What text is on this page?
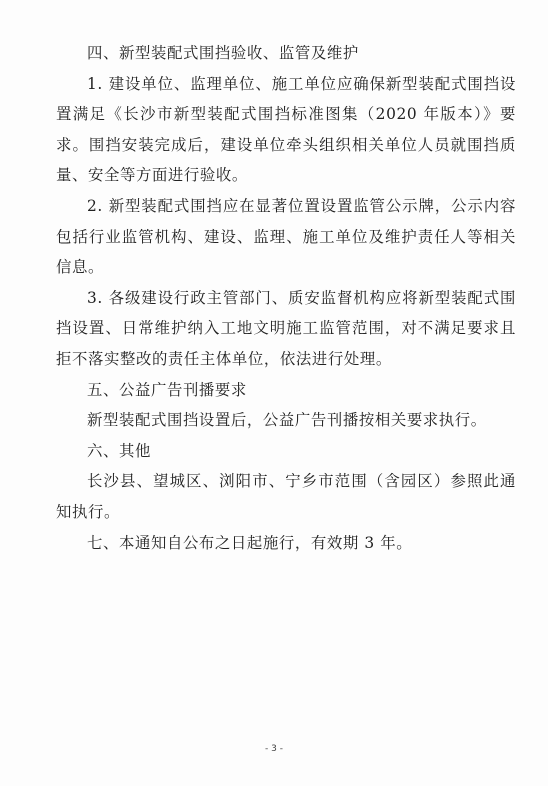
四、新型装配式围挡验收、监管及维护
1. 建设单位、监理单位、施工单位应确保新型装配式围挡设
置满足《长沙市新型装配式围挡标准图集（2020 年版本）》要
求。围挡安装完成后，建设单位牵头组织相关单位人员就围挡质
量、安全等方面进行验收。
2. 新型装配式围挡应在显著位置设置监管公示牌，公示内容
包括行业监管机构、建设、监理、施工单位及维护责任人等相关
信息。
3. 各级建设行政主管部门、质安监督机构应将新型装配式围
挡设置、日常维护纳入工地文明施工监管范围，对不满足要求且
拒不落实整改的责任主体单位，依法进行处理。
五、公益广告刊播要求
新型装配式围挡设置后，公益广告刊播按相关要求执行。
六、其他
长沙县、望城区、浏阳市、宁乡市范围（含园区）参照此通
知执行。
七、本通知自公布之日起施行，有效期 3 年。
- 3 -
